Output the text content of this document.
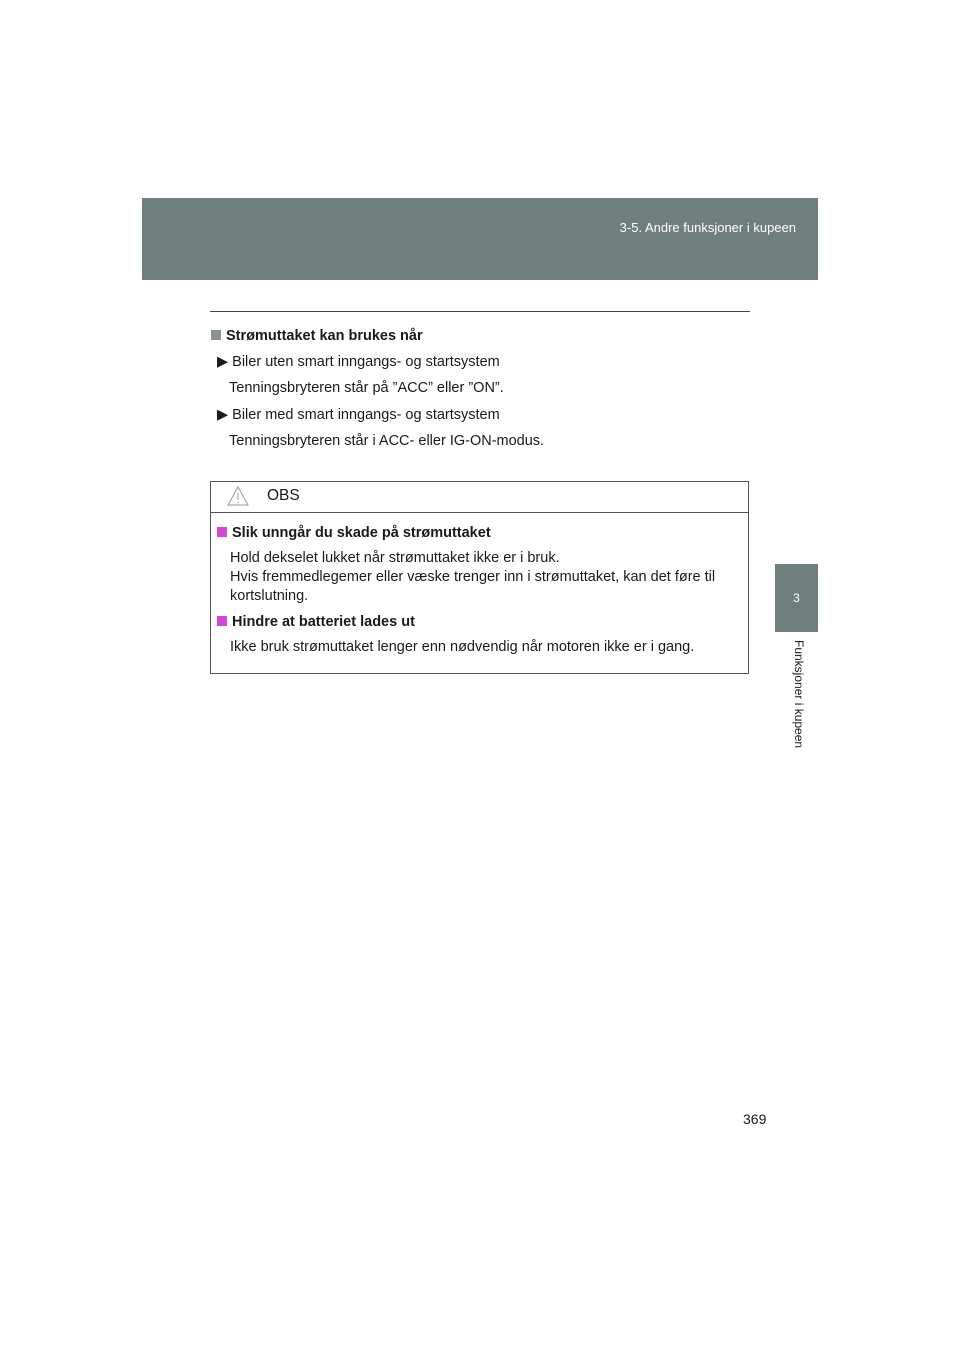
3-5. Andre funksjoner i kupeen
3
Funksjoner i kupeen
Strømuttaket kan brukes når
▶ Biler uten smart inngangs- og startsystem
Tenningsbryteren står på ”ACC” eller ”ON”.
▶ Biler med smart inngangs- og startsystem
Tenningsbryteren står i ACC- eller IG-ON-modus.
OBS
Slik unngår du skade på strømuttaket
Hold dekselet lukket når strømuttaket ikke er i bruk.
Hvis fremmedlegemer eller væske trenger inn i strømuttaket, kan det føre til kortslutning.
Hindre at batteriet lades ut
Ikke bruk strømuttaket lenger enn nødvendig når motoren ikke er i gang.
369
